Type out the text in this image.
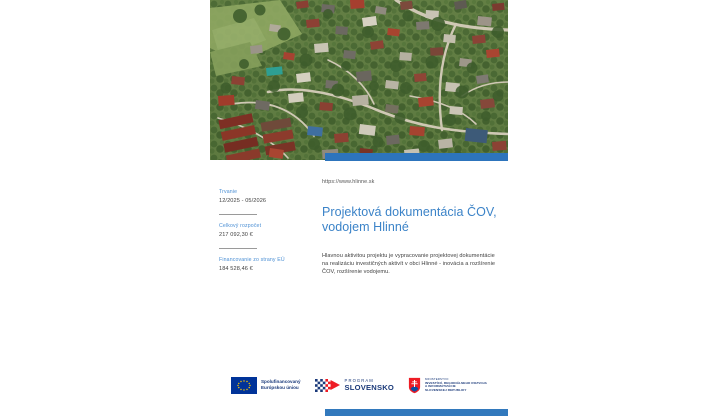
Trvanie
12/2025 - 05/2026
Celkový rozpočet
217 092,30 €
Financovanie zo strany EÚ
184 528,46 €
https://www.hlinne.sk
Projektová dokumentácia ČOV, vodojem Hlinné

Hlavnou aktivitou projektu je vypracovanie projektovej dokumentácie na realizáciu investičných aktivít v obci Hlinné - inovácia a rozšírenie ČOV, rozšírenie vodojemu.

Spolufinancovaný
Európskou úniou
PROGRAM
SLOVENSKO
MINISTERSTVO
INVESTÍCIÍ, REGIONÁLNEHO ROZVOJA
A INFORMATIZÁCIE
SLOVENSKEJ REPUBLIKY
